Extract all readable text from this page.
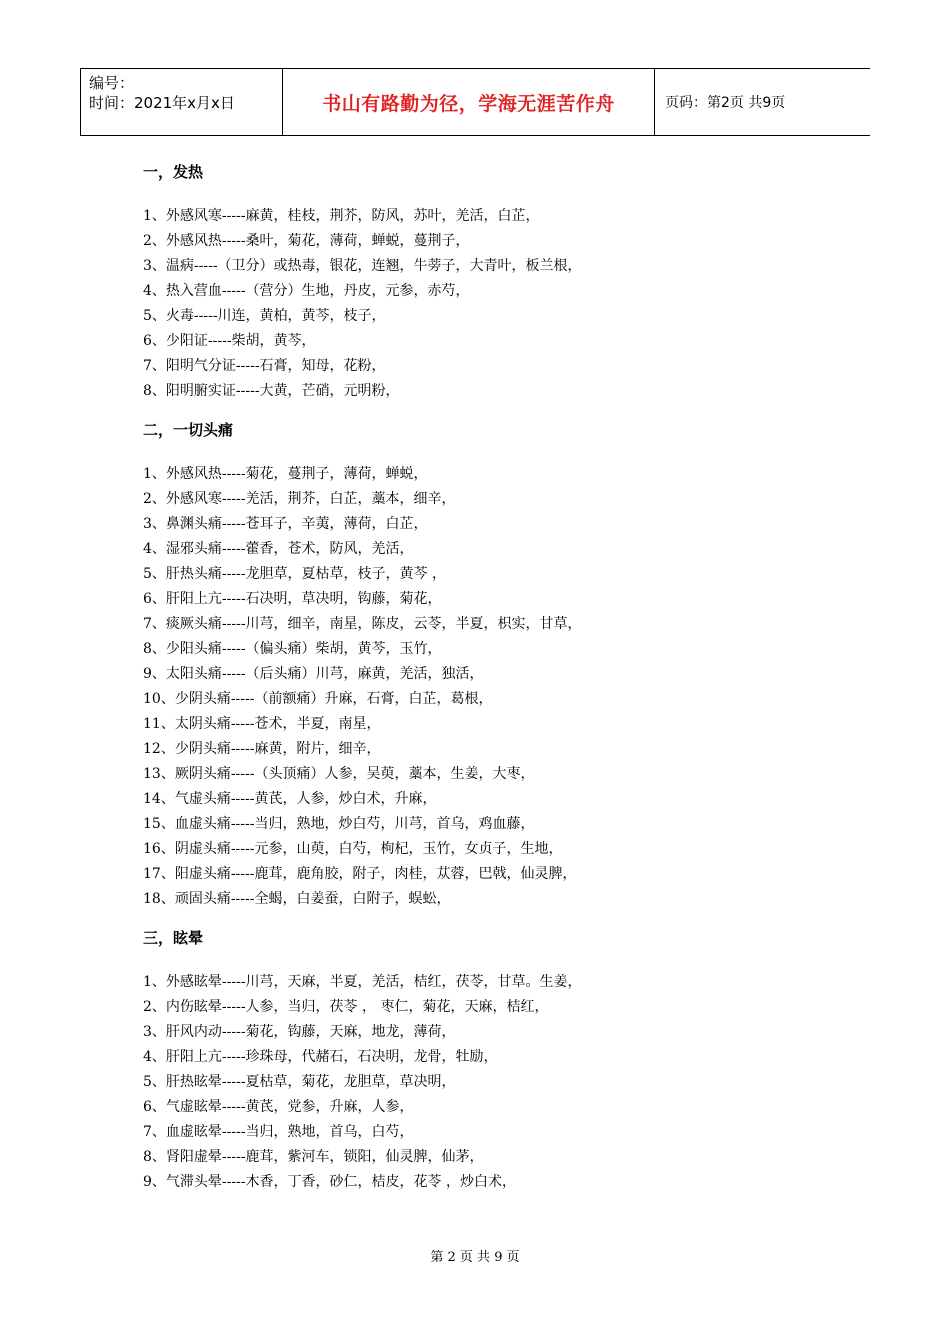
编号：
时间：2021年x月x日	书山有路勤为径，学海无涯苦作舟	页码：第2页 共9页
一，发热
1、外感风寒-----麻黄，桂枝，荆芥，防风，苏叶，羌活，白芷，
2、外感风热-----桑叶，菊花，薄荷，蝉蜕，蔓荆子，
3、温病-----（卫分）或热毒，银花，连翘，牛蒡子，大青叶，板兰根，
4、热入营血-----（营分）生地，丹皮，元参，赤芍，
5、火毒-----川连，黄柏，黄芩，枝子，
6、少阳证-----柴胡，黄芩，
7、阳明气分证-----石膏，知母，花粉，
8、阳明腑实证-----大黄，芒硝，元明粉，
二，一切头痛
1、外感风热-----菊花，蔓荆子，薄荷，蝉蜕，
2、外感风寒-----羌活，荆芥，白芷，藁本，细辛，
3、鼻渊头痛-----苍耳子，辛荑，薄荷，白芷，
4、湿邪头痛-----藿香，苍术，防风，羌活，
5、肝热头痛-----龙胆草，夏枯草，枝子，黄芩 ，
6、肝阳上亢-----石决明，草决明，钩藤，菊花，
7、痰厥头痛-----川芎，细辛，南星，陈皮，云苓，半夏，枳实，甘草，
8、少阳头痛-----（偏头痛）柴胡，黄芩，玉竹，
9、太阳头痛-----（后头痛）川芎，麻黄，羌活，独活，
10、少阴头痛-----（前额痛）升麻，石膏，白芷，葛根，
11、太阴头痛-----苍术，半夏，南星，
12、少阴头痛-----麻黄，附片，细辛，
13、厥阴头痛-----（头顶痛）人参，吴萸，藁本，生姜，大枣，
14、气虚头痛-----黄芪，人参，炒白术，升麻，
15、血虚头痛-----当归，熟地，炒白芍，川芎，首乌，鸡血藤，
16、阴虚头痛-----元参，山萸，白芍，枸杞，玉竹，女贞子，生地，
17、阳虚头痛-----鹿茸，鹿角胶，附子，肉桂，苁蓉，巴戟，仙灵脾，
18、顽固头痛-----全蝎，白姜蚕，白附子，蜈蚣，
三，眩晕
1、外感眩晕-----川芎，天麻，半夏，羌活，桔红，茯苓，甘草。生姜，
2、内伤眩晕-----人参，当归，茯苓 ， 枣仁，菊花，天麻，桔红，
3、肝风内动-----菊花，钩藤，天麻，地龙，薄荷，
4、肝阳上亢-----珍珠母，代赭石，石决明，龙骨，牡励，
5、肝热眩晕-----夏枯草，菊花，龙胆草，草决明，
6、气虚眩晕-----黄芪，党参，升麻，人参，
7、血虚眩晕-----当归，熟地，首乌，白芍，
8、肾阳虚晕-----鹿茸，紫河车，锁阳，仙灵脾，仙茅，
9、气滞头晕-----木香，丁香，砂仁，桔皮，花苓 ，炒白术，
第 2 页 共 9 页
